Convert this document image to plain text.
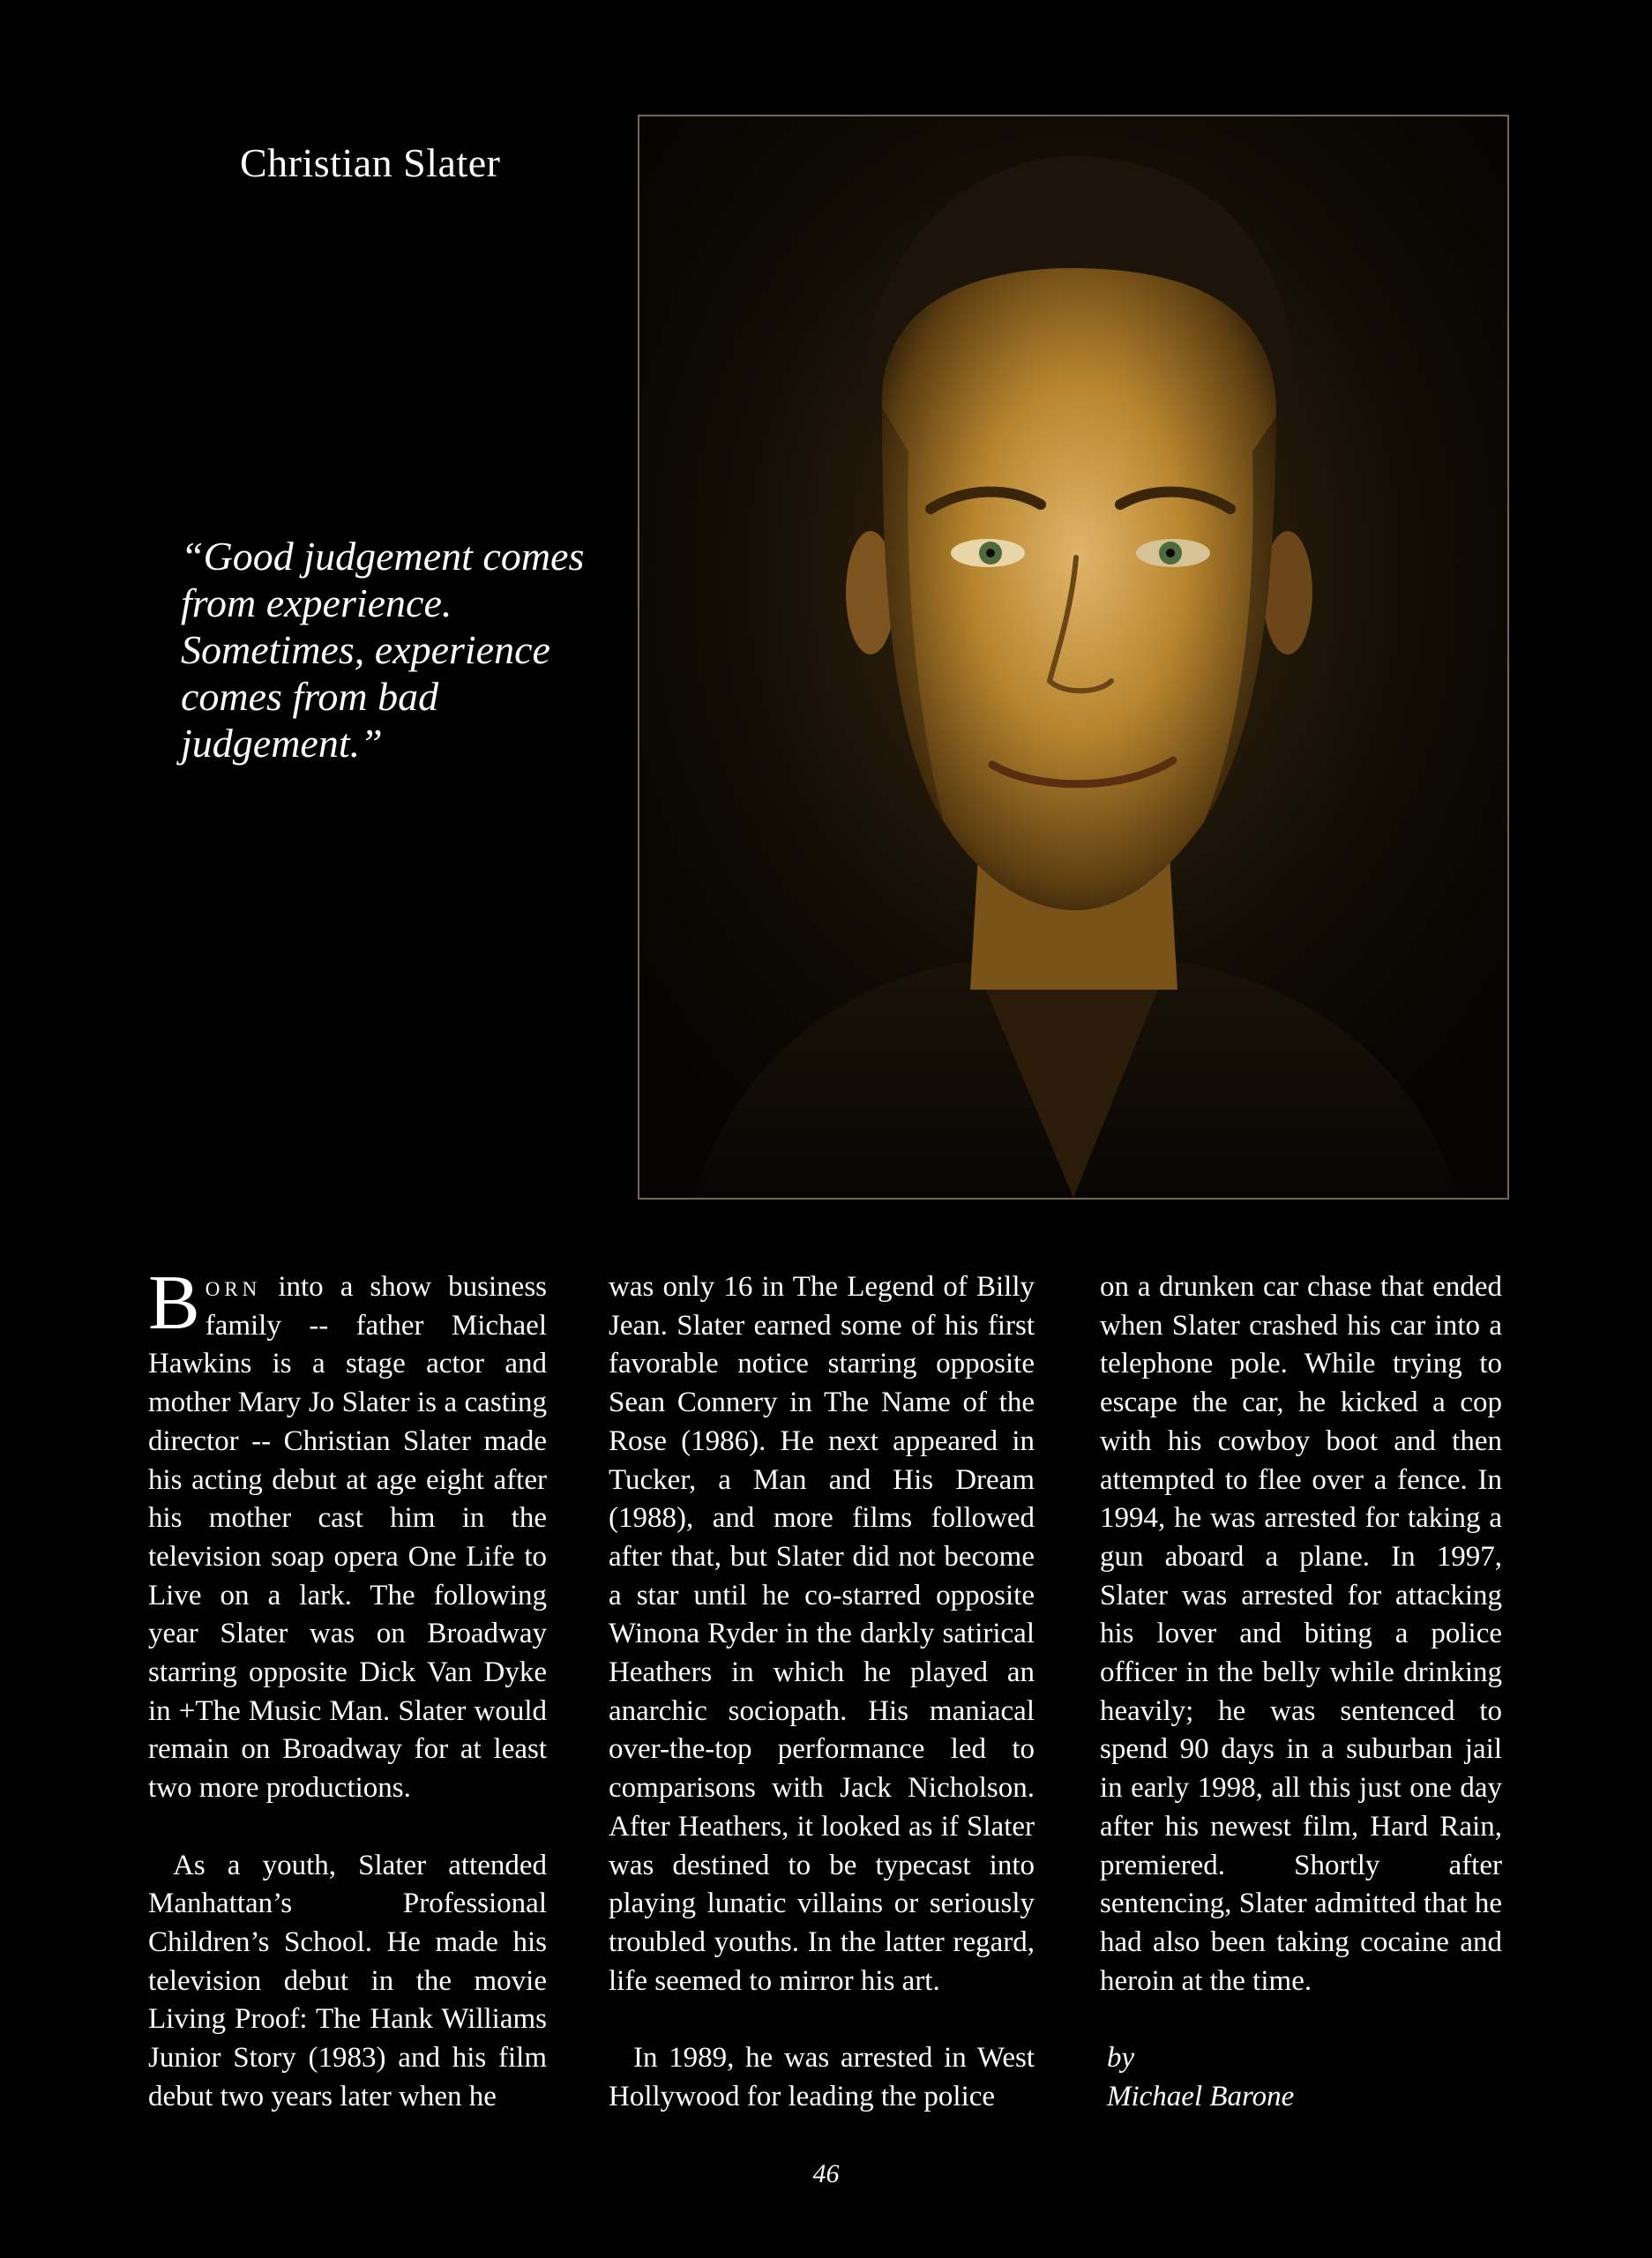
Christian Slater
“Good judgement comes from experience. Sometimes, experience comes from bad judgement.”

Born into a show business family -- father Michael Hawkins is a stage actor and mother Mary Jo Slater is a casting director -- Christian Slater made his acting debut at age eight after his mother cast him in the television soap opera One Life to Live on a lark. The following year Slater was on Broadway starring opposite Dick Van Dyke in +The Music Man. Slater would remain on Broadway for at least two more productions.

As a youth, Slater attended Manhattan’s Professional Children’s School. He made his television debut in the movie Living Proof: The Hank Williams Junior Story (1983) and his film debut two years later when he

was only 16 in The Legend of Billy Jean. Slater earned some of his first favorable notice starring opposite Sean Connery in The Name of the Rose (1986). He next appeared in Tucker, a Man and His Dream (1988), and more films followed after that, but Slater did not become a star until he co-starred opposite Winona Ryder in the darkly satirical Heathers in which he played an anarchic sociopath. His maniacal over-the-top performance led to comparisons with Jack Nicholson. After Heathers, it looked as if Slater was destined to be typecast into playing lunatic villains or seriously troubled youths. In the latter regard, life seemed to mirror his art.

In 1989, he was arrested in West Hollywood for leading the police

on a drunken car chase that ended when Slater crashed his car into a telephone pole. While trying to escape the car, he kicked a cop with his cowboy boot and then attempted to flee over a fence. In 1994, he was arrested for taking a gun aboard a plane. In 1997, Slater was arrested for attacking his lover and biting a police officer in the belly while drinking heavily; he was sentenced to spend 90 days in a suburban jail in early 1998, all this just one day after his newest film, Hard Rain, premiered. Shortly after sentencing, Slater admitted that he had also been taking cocaine and heroin at the time.

by
Michael Barone
46
